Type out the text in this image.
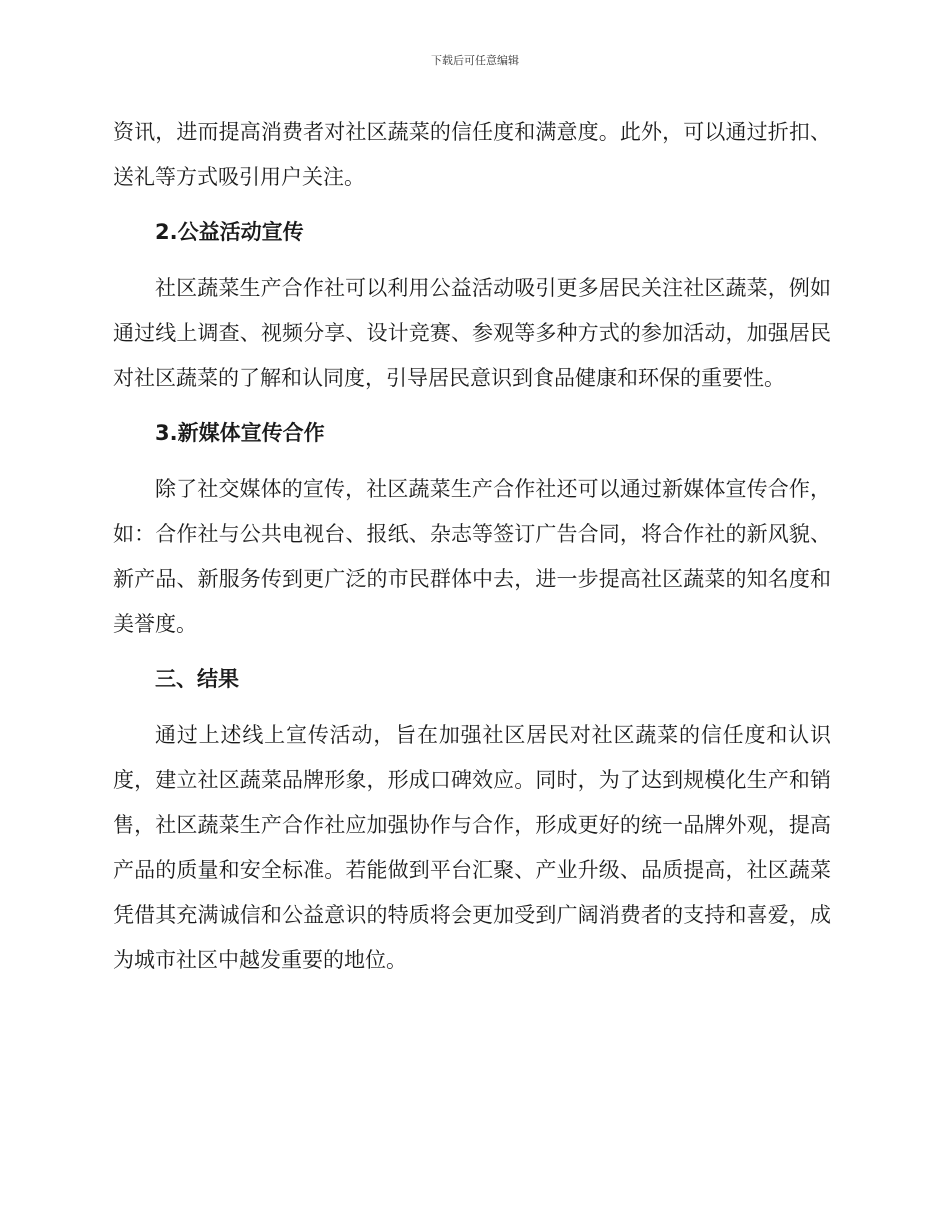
下载后可任意编辑

资讯，进而提高消费者对社区蔬菜的信任度和满意度。此外，可以通过折扣、送礼等方式吸引用户关注。

2.公益活动宣传

社区蔬菜生产合作社可以利用公益活动吸引更多居民关注社区蔬菜，例如通过线上调查、视频分享、设计竞赛、参观等多种方式的参加活动，加强居民对社区蔬菜的了解和认同度，引导居民意识到食品健康和环保的重要性。

3.新媒体宣传合作

除了社交媒体的宣传，社区蔬菜生产合作社还可以通过新媒体宣传合作，如：合作社与公共电视台、报纸、杂志等签订广告合同，将合作社的新风貌、新产品、新服务传到更广泛的市民群体中去，进一步提高社区蔬菜的知名度和美誉度。

三、结果

通过上述线上宣传活动，旨在加强社区居民对社区蔬菜的信任度和认识度，建立社区蔬菜品牌形象，形成口碑效应。同时，为了达到规模化生产和销售，社区蔬菜生产合作社应加强协作与合作，形成更好的统一品牌外观，提高产品的质量和安全标准。若能做到平台汇聚、产业升级、品质提高，社区蔬菜凭借其充满诚信和公益意识的特质将会更加受到广阔消费者的支持和喜爱，成为城市社区中越发重要的地位。
